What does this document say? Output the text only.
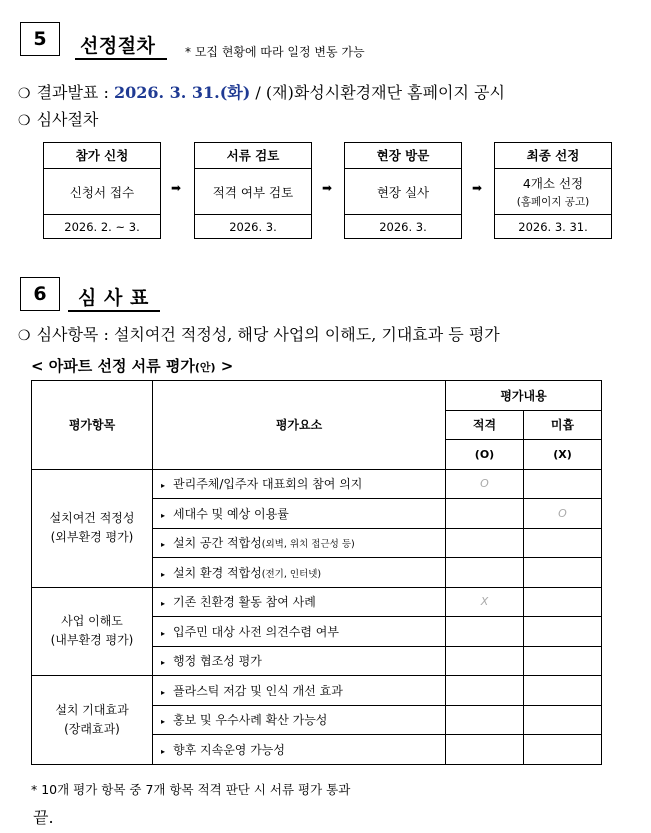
5	선정절차 * 모집 현황에 따라 일정 변동 가능
❍ 결과발표 : 2026. 3. 31.(화) / (재)화성시환경재단 홈페이지 공시
❍ 심사절차
참가 신청
신청서 접수
2026. 2. ~ 3.
➡
서류 검토
적격 여부 검토
2026. 3.
➡
현장 방문
현장 실사
2026. 3.
➡
최종 선정
4개소 선정
(홈페이지 공고)
2026. 3. 31.
6	심 사 표
❍ 심사항목 : 설치여건 적정성, 해당 사업의 이해도, 기대효과 등 평가
< 아파트 선정 서류 평가(안) >
평가항목	평가요소	평가내용	
		적격	미흡
		(O)	(X)

설치여건 적정성
(외부환경 평가)	▸ 관리주체/입주자 대표회의 참여 의지	O	
	▸ 세대수 및 예상 이용률		O
	▸ 설치 공간 적합성(외벽, 위치 접근성 등)		
	▸ 설치 환경 적합성(전기, 인터넷)		

사업 이해도
(내부환경 평가)	▸ 기존 친환경 활동 참여 사례	X	
	▸ 입주민 대상 사전 의견수렴 여부		
	▸ 행정 협조성 평가		

설치 기대효과
(장래효과)	▸ 플라스틱 저감 및 인식 개선 효과		
	▸ 홍보 및 우수사례 확산 가능성		
	▸ 향후 지속운영 가능성		
* 10개 평가 항목 중 7개 항목 적격 판단 시 서류 평가 통과
끝.
